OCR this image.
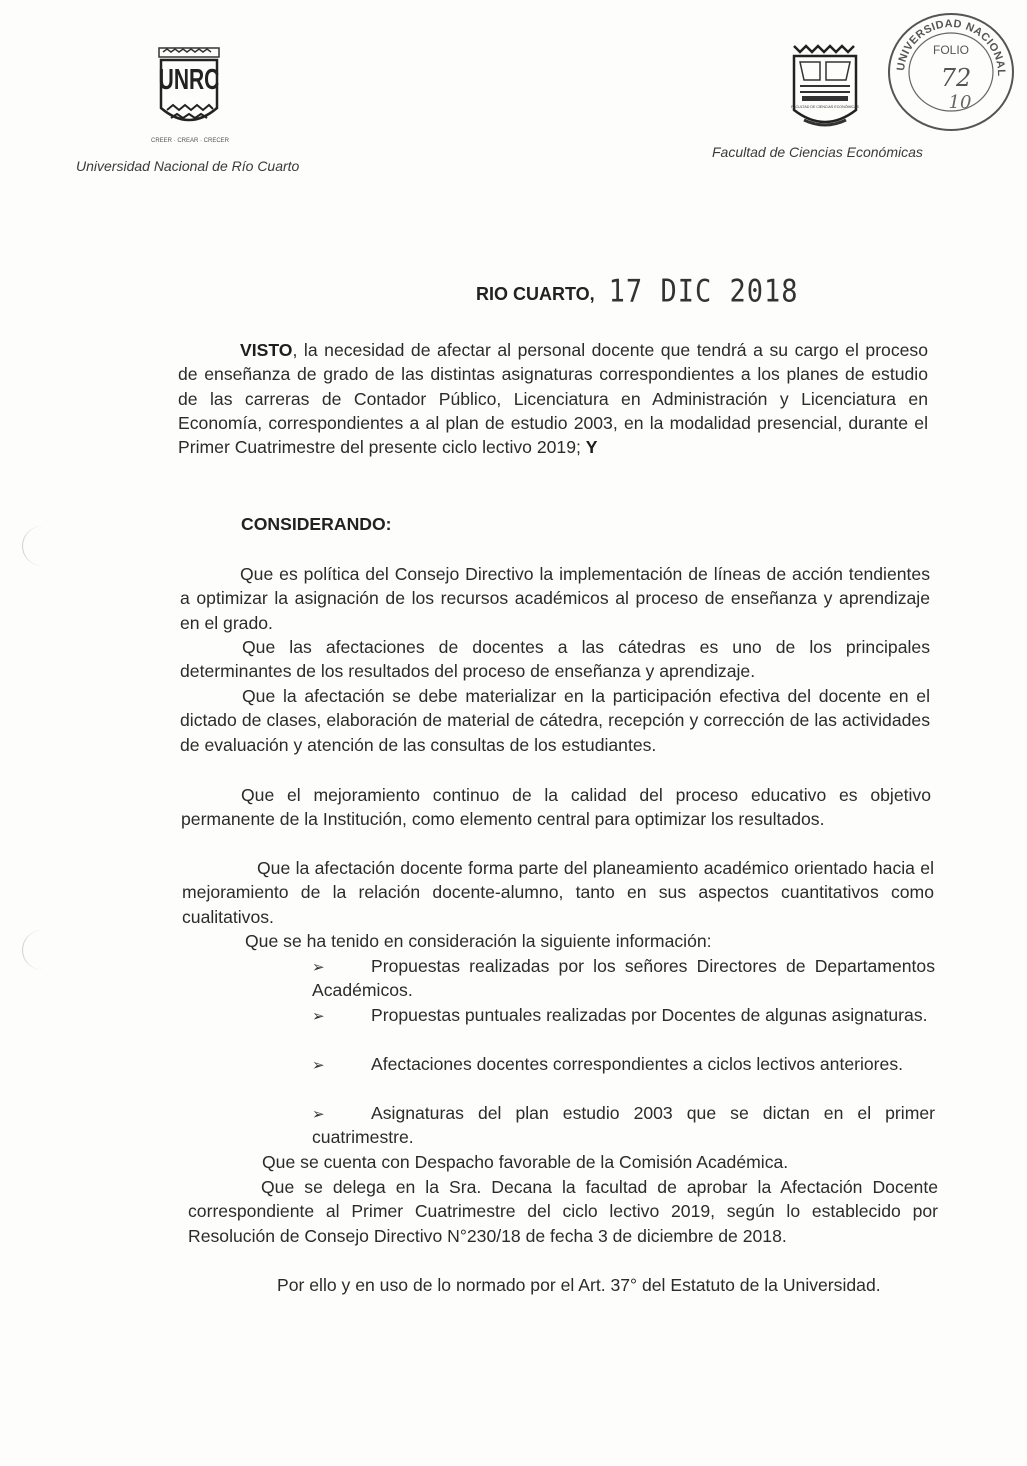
UNRC
CREER · CREAR · CRECER
Universidad Nacional de Río Cuarto
FACULTAD DE CIENCIAS ECONÓMICAS
Facultad de Ciencias Económicas
UNIVERSIDAD NACIONAL
FOLIO
72
10
RIO CUARTO, 17 DIC 2018
VISTO, la necesidad de afectar al personal docente que tendrá a su cargo el proceso de enseñanza de grado de las distintas asignaturas correspondientes a los planes de estudio de las carreras de Contador Público, Licenciatura en Administración y Licenciatura en Economía, correspondientes a al plan de estudio 2003, en la modalidad presencial, durante el Primer Cuatrimestre del presente ciclo lectivo 2019; Y
CONSIDERANDO:
Que es política del Consejo Directivo la implementación de líneas de acción tendientes a optimizar la asignación de los recursos académicos al proceso de enseñanza y aprendizaje en el grado.
Que las afectaciones de docentes a las cátedras es uno de los principales determinantes de los resultados del proceso de enseñanza y aprendizaje.
Que la afectación se debe materializar en la participación efectiva del docente en el dictado de clases, elaboración de material de cátedra, recepción y corrección de las actividades de evaluación y atención de las consultas de los estudiantes.
Que el mejoramiento continuo de la calidad del proceso educativo es objetivo permanente de la Institución, como elemento central para optimizar los resultados.
Que la afectación docente forma parte del planeamiento académico orientado hacia el mejoramiento de la relación docente-alumno, tanto en sus aspectos cuantitativos como cualitativos.
Que se ha tenido en consideración la siguiente información:
➢	Propuestas realizadas por los señores Directores de Departamentos Académicos.
➢	Propuestas puntuales realizadas por Docentes de algunas asignaturas.
➢	Afectaciones docentes correspondientes a ciclos lectivos anteriores.
➢	Asignaturas del plan estudio 2003 que se dictan en el primer cuatrimestre.
Que se cuenta con Despacho favorable de la Comisión Académica.
Que se delega en la Sra. Decana la facultad de aprobar la Afectación Docente correspondiente al Primer Cuatrimestre del ciclo lectivo 2019, según lo establecido por Resolución de Consejo Directivo N°230/18 de fecha 3 de diciembre de 2018.
Por ello y en uso de lo normado por el Art. 37° del Estatuto de la Universidad.
